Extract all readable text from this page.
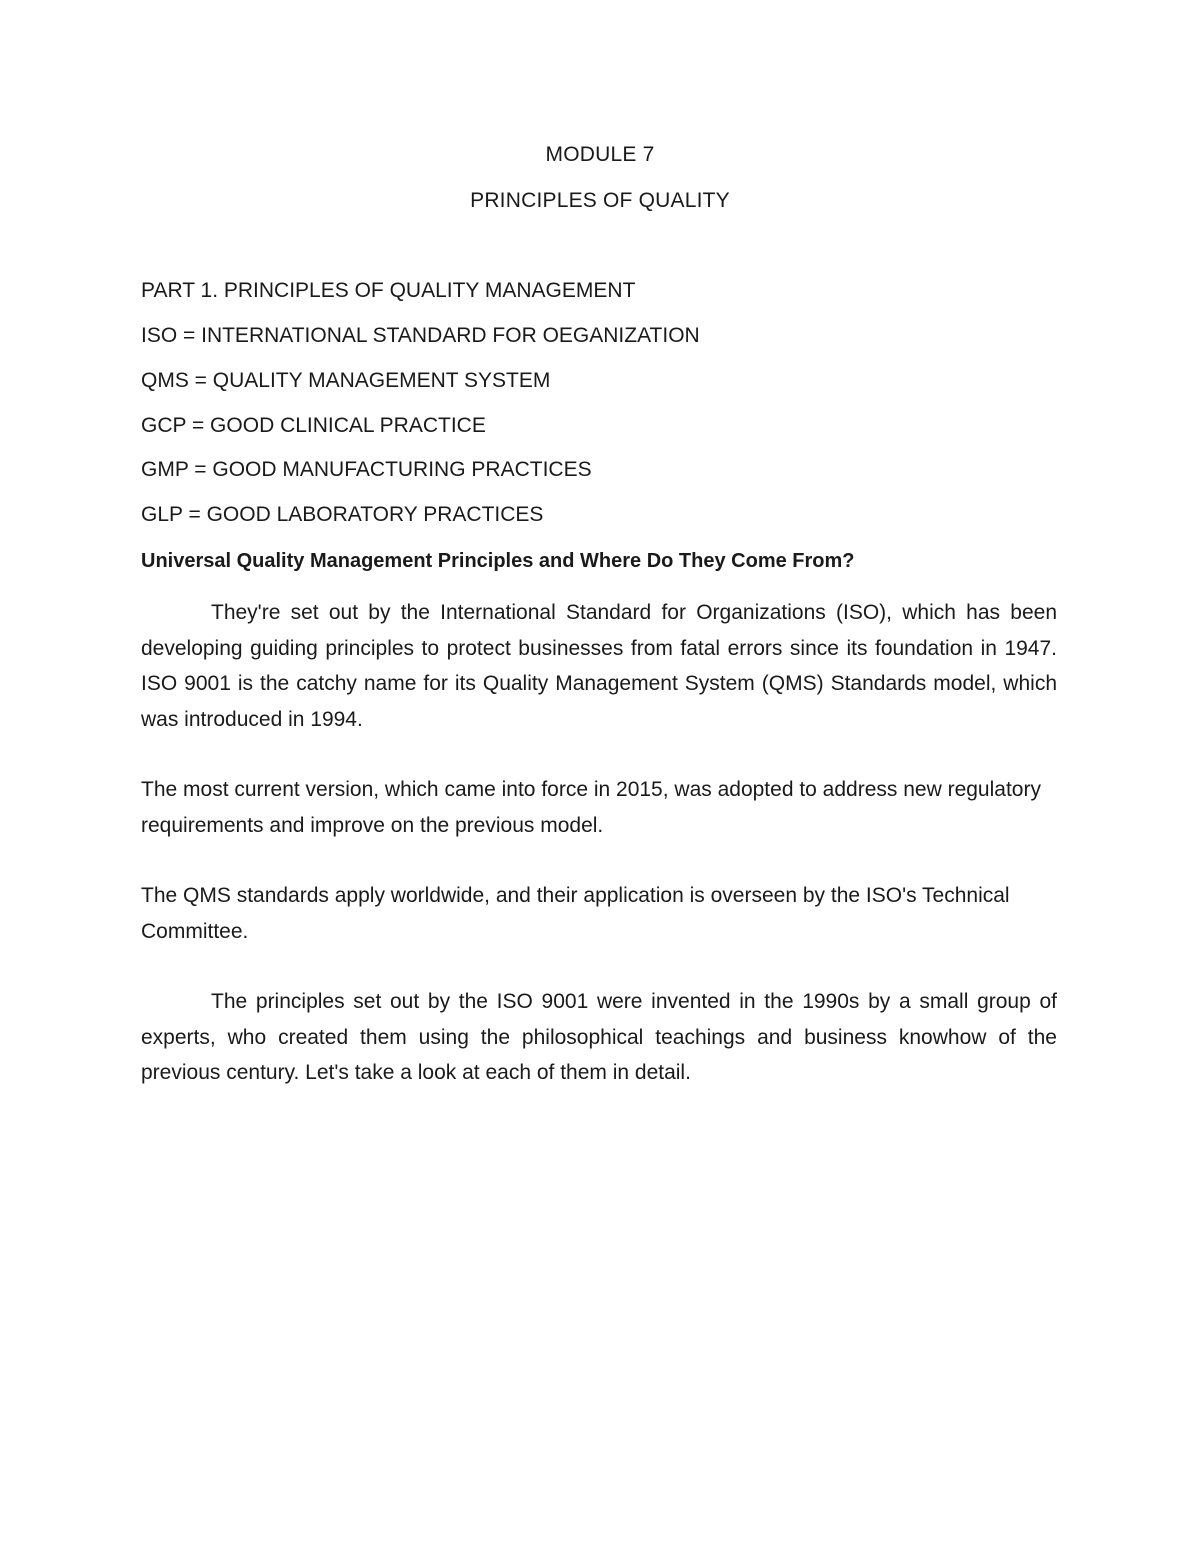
MODULE 7
PRINCIPLES OF QUALITY
PART 1. PRINCIPLES OF QUALITY MANAGEMENT
ISO = INTERNATIONAL STANDARD FOR OEGANIZATION
QMS = QUALITY MANAGEMENT SYSTEM
GCP = GOOD CLINICAL PRACTICE
GMP = GOOD MANUFACTURING PRACTICES
GLP = GOOD LABORATORY PRACTICES
Universal Quality Management Principles and Where Do They Come From?

They're set out by the International Standard for Organizations (ISO), which has been developing guiding principles to protect businesses from fatal errors since its foundation in 1947. ISO 9001 is the catchy name for its Quality Management System (QMS) Standards model, which was introduced in 1994.

The most current version, which came into force in 2015, was adopted to address new regulatory requirements and improve on the previous model.

The QMS standards apply worldwide, and their application is overseen by the ISO's Technical Committee.

The principles set out by the ISO 9001 were invented in the 1990s by a small group of experts, who created them using the philosophical teachings and business knowhow of the previous century. Let's take a look at each of them in detail.
